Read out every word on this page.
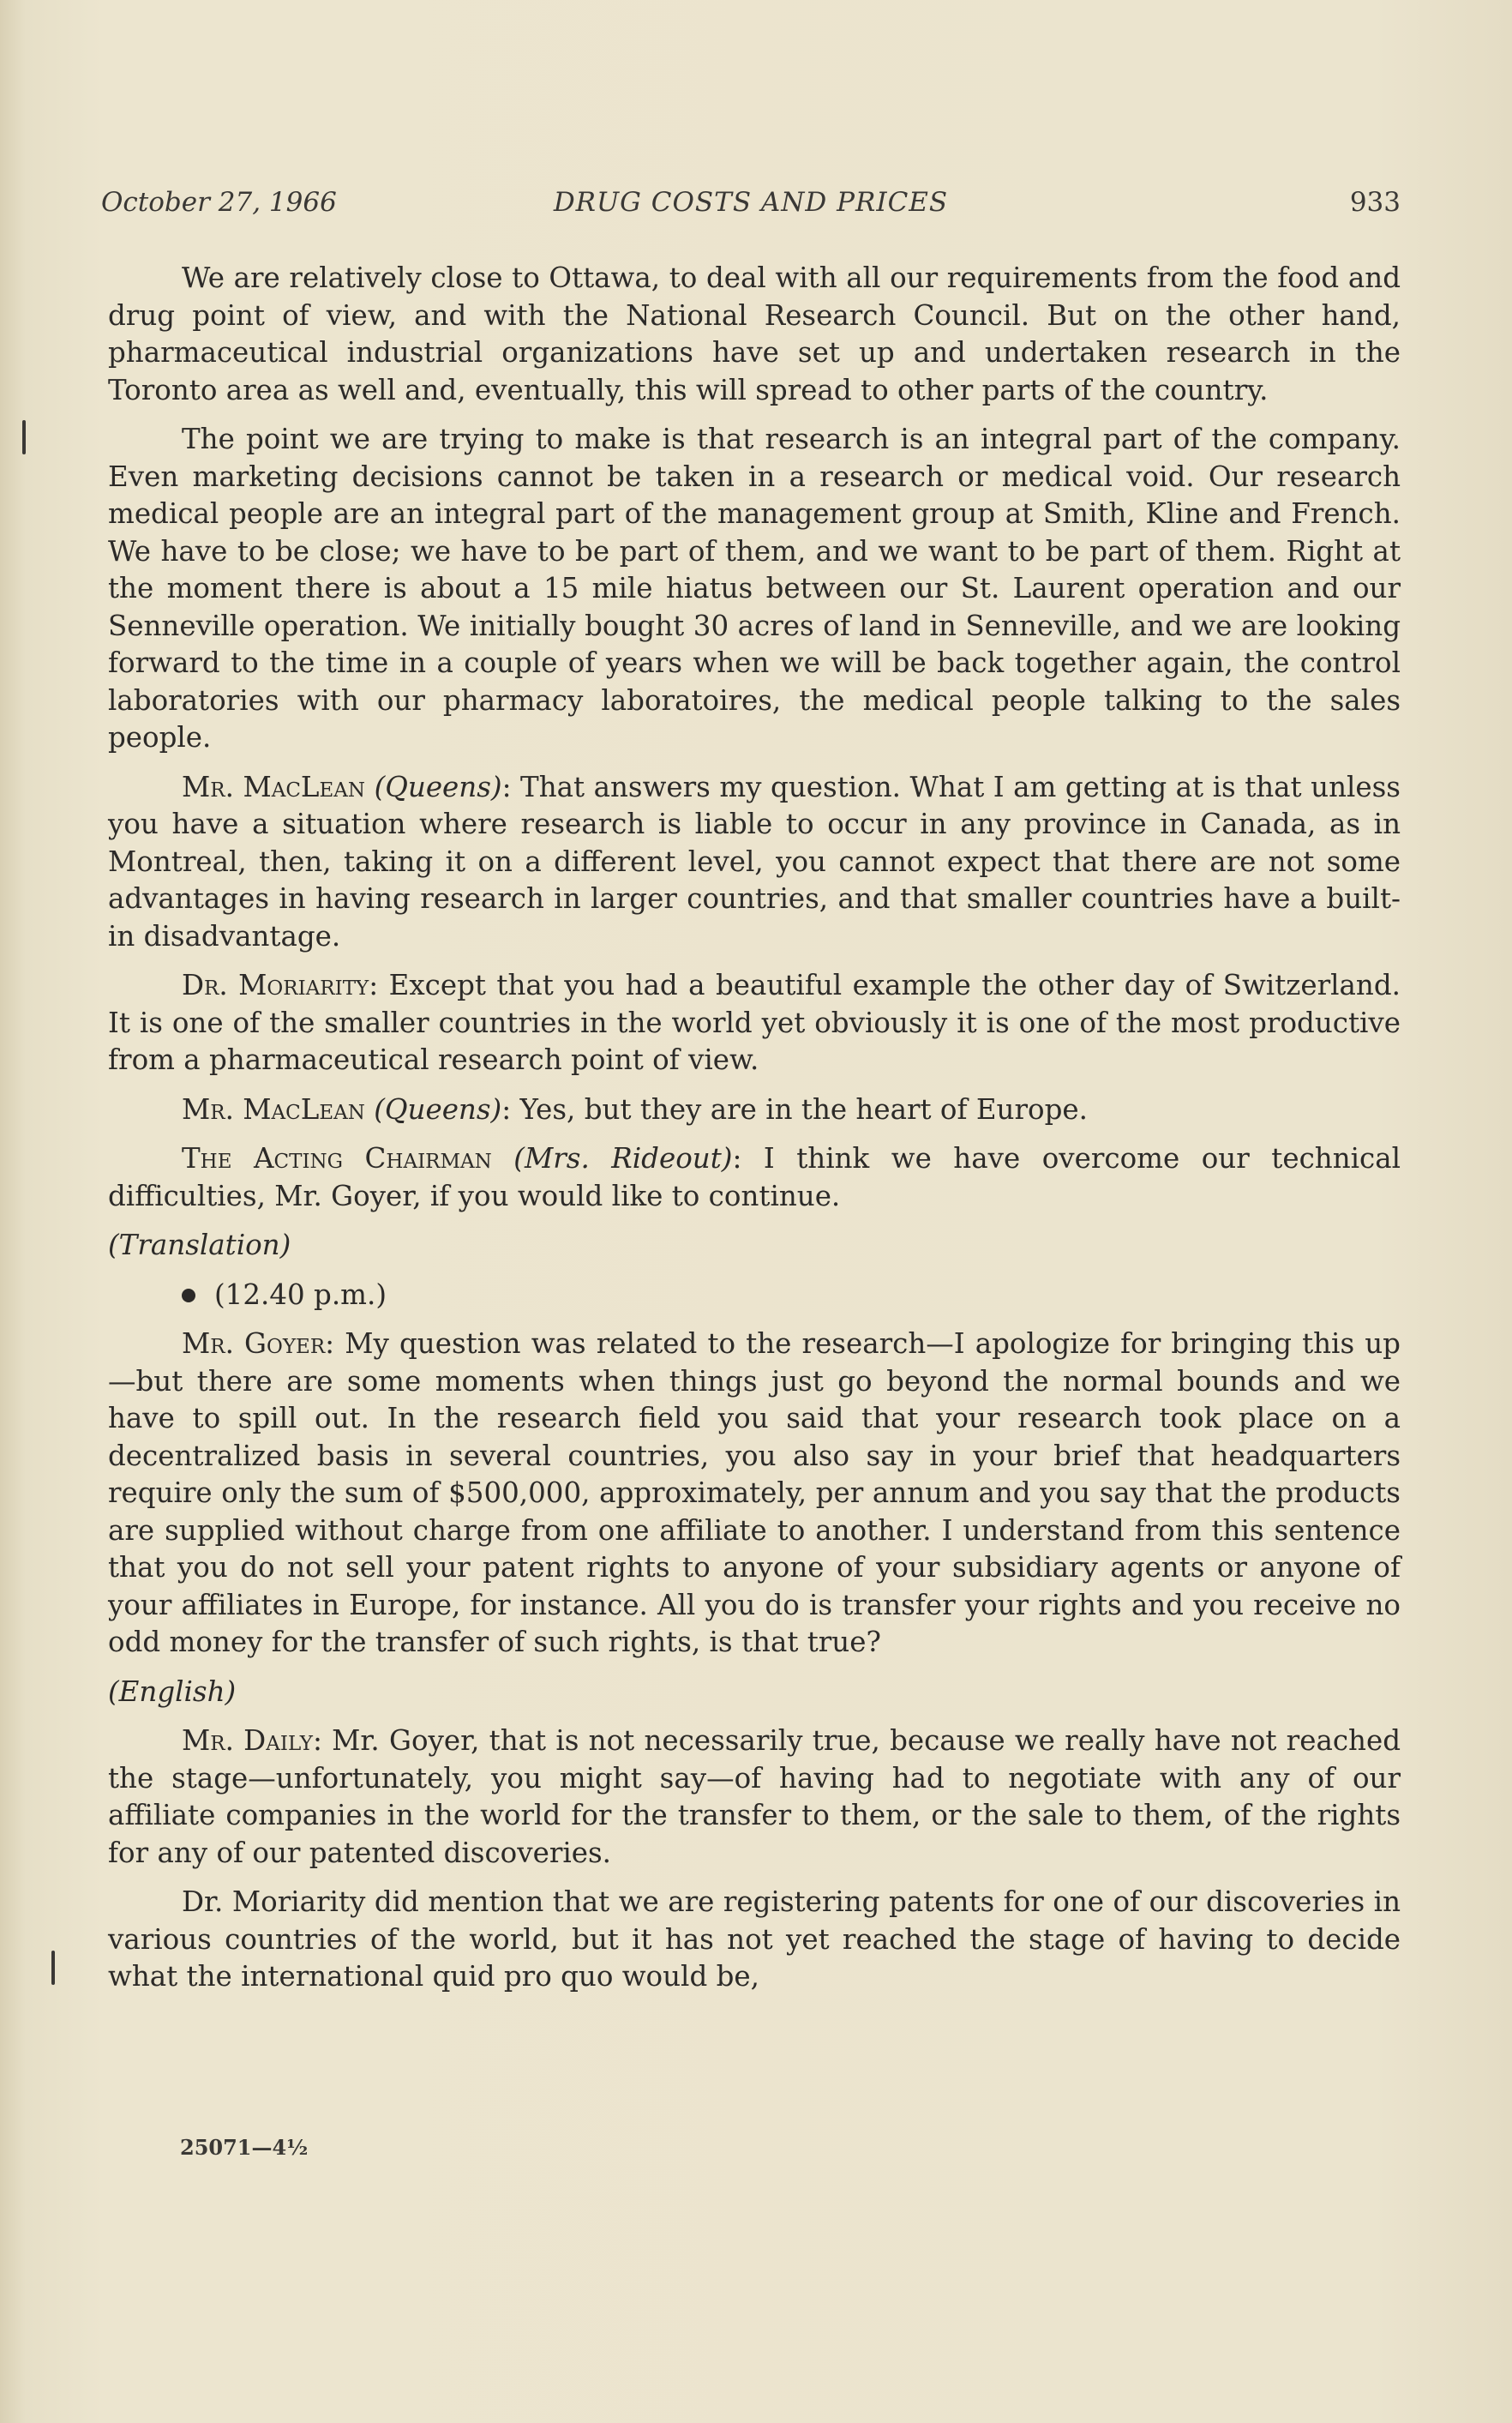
October 27, 1966	DRUG COSTS AND PRICES	933

We are relatively close to Ottawa, to deal with all our requirements from the food and drug point of view, and with the National Research Council. But on the other hand, pharmaceutical industrial organizations have set up and undertaken research in the Toronto area as well and, eventually, this will spread to other parts of the country.

The point we are trying to make is that research is an integral part of the company. Even marketing decisions cannot be taken in a research or medical void. Our research medical people are an integral part of the management group at Smith, Kline and French. We have to be close; we have to be part of them, and we want to be part of them. Right at the moment there is about a 15 mile hiatus between our St. Laurent operation and our Senneville operation. We initially bought 30 acres of land in Senneville, and we are looking forward to the time in a couple of years when we will be back together again, the control laboratories with our pharmacy laboratoires, the medical people talking to the sales people.

Mr. MacLean (Queens): That answers my question. What I am getting at is that unless you have a situation where research is liable to occur in any province in Canada, as in Montreal, then, taking it on a different level, you cannot expect that there are not some advantages in having research in larger countries, and that smaller countries have a built-in disadvantage.

Dr. Moriarity: Except that you had a beautiful example the other day of Switzerland. It is one of the smaller countries in the world yet obviously it is one of the most productive from a pharmaceutical research point of view.

Mr. MacLean (Queens): Yes, but they are in the heart of Europe.

The Acting Chairman (Mrs. Rideout): I think we have overcome our technical difficulties, Mr. Goyer, if you would like to continue.

(Translation)

(12.40 p.m.)

Mr. Goyer: My question was related to the research—I apologize for bringing this up—but there are some moments when things just go beyond the normal bounds and we have to spill out. In the research field you said that your research took place on a decentralized basis in several countries, you also say in your brief that headquarters require only the sum of $500,000, approximately, per annum and you say that the products are supplied without charge from one affiliate to another. I understand from this sentence that you do not sell your patent rights to anyone of your subsidiary agents or anyone of your affiliates in Europe, for instance. All you do is transfer your rights and you receive no odd money for the transfer of such rights, is that true?

(English)

Mr. Daily: Mr. Goyer, that is not necessarily true, because we really have not reached the stage—unfortunately, you might say—of having had to negotiate with any of our affiliate companies in the world for the transfer to them, or the sale to them, of the rights for any of our patented discoveries.

Dr. Moriarity did mention that we are registering patents for one of our discoveries in various countries of the world, but it has not yet reached the stage of having to decide what the international quid pro quo would be,

25071—4½
